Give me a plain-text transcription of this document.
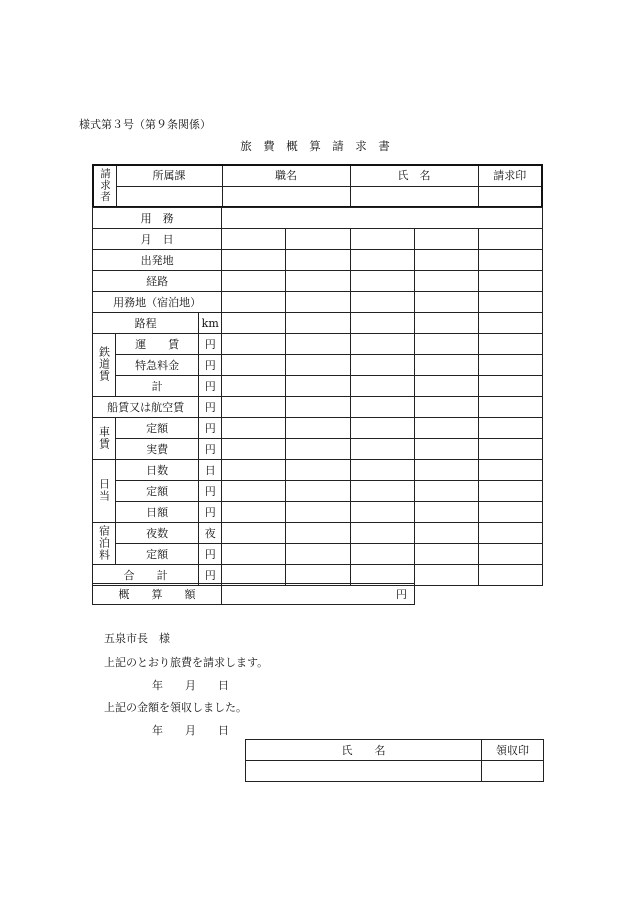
様式第３号（第９条関係）
旅　費　概　算　請　求　書
請求者	所属課	職名	氏　名	請求印

用　務							
月　日							
出発地							
経路							
用務地（宿泊地）							
路程		km					
鉄道賃	運　　賃	円					
	特急料金	円					
	計	円					
船賃又は航空賃		円					
車賃	定額	円					
	実費	円					
日当	日数	日					
	定額	円					
	日額	円					
宿泊料	夜数	夜					
	定額	円					
合　　計		円					
概　　算　　額	円
五泉市長　様
上記のとおり旅費を請求します。
年　　月　　日
上記の金額を領収しました。
年　　月　　日
氏　　名	領収印
